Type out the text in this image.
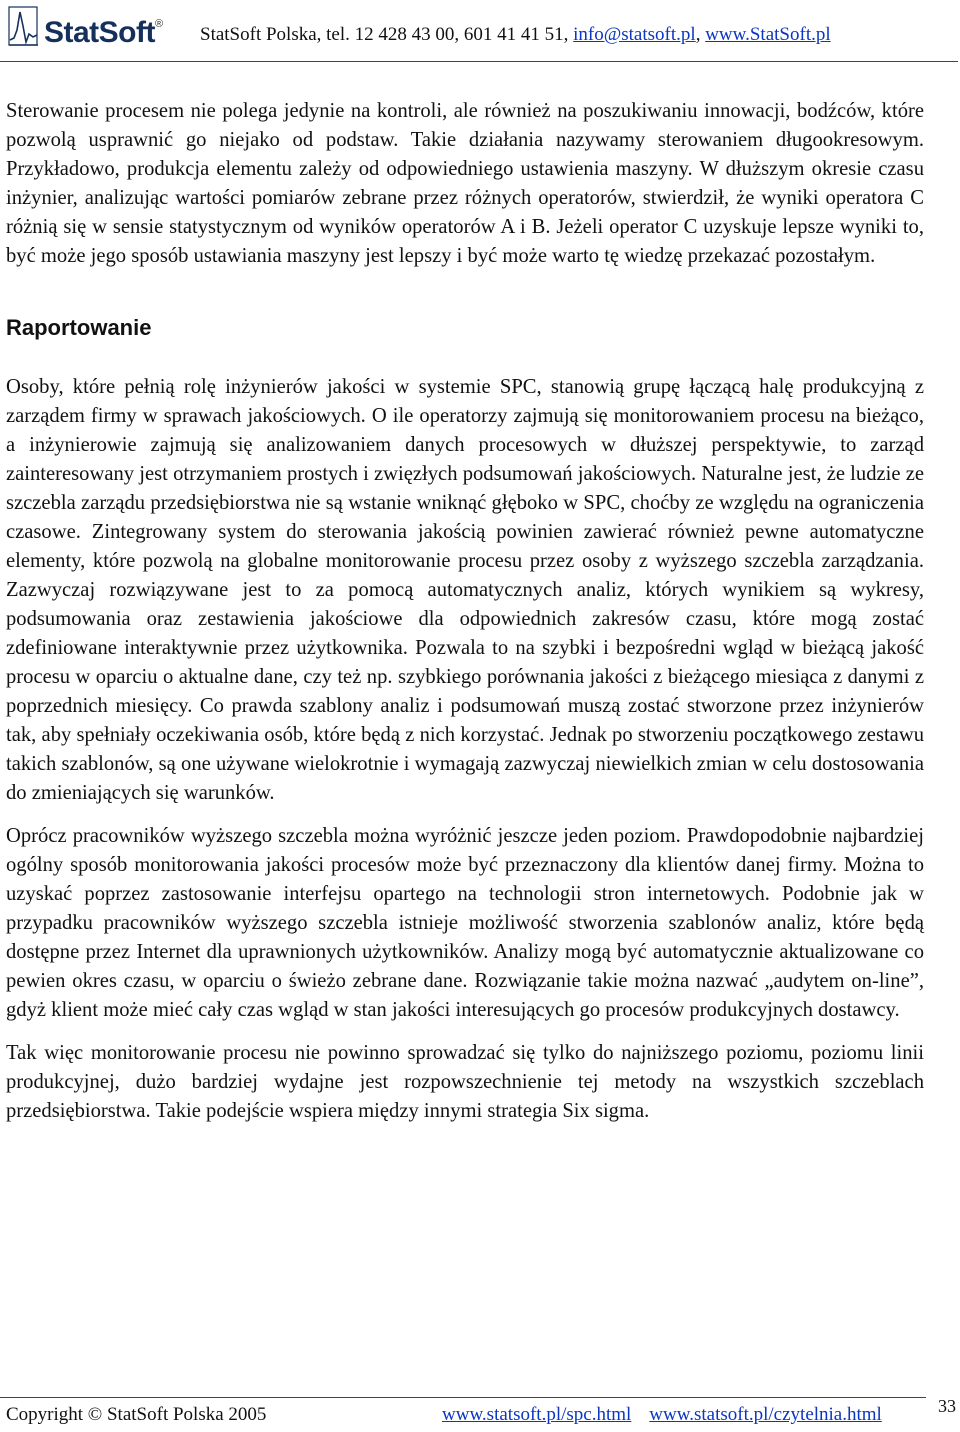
StatSoft® StatSoft Polska, tel. 12 428 43 00, 601 41 41 51, info@statsoft.pl, www.StatSoft.pl

Sterowanie procesem nie polega jedynie na kontroli, ale również na poszukiwaniu innowacji, bodźców, które pozwolą usprawnić go niejako od podstaw. Takie działania nazywamy sterowaniem długookresowym. Przykładowo, produkcja elementu zależy od odpowiedniego ustawienia maszyny. W dłuższym okresie czasu inżynier, analizując wartości pomiarów zebrane przez różnych operatorów, stwierdził, że wyniki operatora C różnią się w sensie statystycznym od wyników operatorów A i B. Jeżeli operator C uzyskuje lepsze wyniki to, być może jego sposób ustawiania maszyny jest lepszy i być może warto tę wiedzę przekazać pozostałym.

Raportowanie

Osoby, które pełnią rolę inżynierów jakości w systemie SPC, stanowią grupę łączącą halę produkcyjną z zarządem firmy w sprawach jakościowych. O ile operatorzy zajmują się monitorowaniem procesu na bieżąco, a inżynierowie zajmują się analizowaniem danych procesowych w dłuższej perspektywie, to zarząd zainteresowany jest otrzymaniem prostych i zwięzłych podsumowań jakościowych. Naturalne jest, że ludzie ze szczebla zarządu przedsiębiorstwa nie są wstanie wniknąć głęboko w SPC, choćby ze względu na ograniczenia czasowe. Zintegrowany system do sterowania jakością powinien zawierać również pewne automatyczne elementy, które pozwolą na globalne monitorowanie procesu przez osoby z wyższego szczebla zarządzania. Zazwyczaj rozwiązywane jest to za pomocą automatycznych analiz, których wynikiem są wykresy, podsumowania oraz zestawienia jakościowe dla odpowiednich zakresów czasu, które mogą zostać zdefiniowane interaktywnie przez użytkownika. Pozwala to na szybki i bezpośredni wgląd w bieżącą jakość procesu w oparciu o aktualne dane, czy też np. szybkiego porównania jakości z bieżącego miesiąca z danymi z poprzednich miesięcy. Co prawda szablony analiz i podsumowań muszą zostać stworzone przez inżynierów tak, aby spełniały oczekiwania osób, które będą z nich korzystać. Jednak po stworzeniu początkowego zestawu takich szablonów, są one używane wielokrotnie i wymagają zazwyczaj niewielkich zmian w celu dostosowania do zmieniających się warunków.

Oprócz pracowników wyższego szczebla można wyróżnić jeszcze jeden poziom. Prawdopodobnie najbardziej ogólny sposób monitorowania jakości procesów może być przeznaczony dla klientów danej firmy. Można to uzyskać poprzez zastosowanie interfejsu opartego na technologii stron internetowych. Podobnie jak w przypadku pracowników wyższego szczebla istnieje możliwość stworzenia szablonów analiz, które będą dostępne przez Internet dla uprawnionych użytkowników. Analizy mogą być automatycznie aktualizowane co pewien okres czasu, w oparciu o świeżo zebrane dane. Rozwiązanie takie można nazwać „audytem on-line”, gdyż klient może mieć cały czas wgląd w stan jakości interesujących go procesów produkcyjnych dostawcy.

Tak więc monitorowanie procesu nie powinno sprowadzać się tylko do najniższego poziomu, poziomu linii produkcyjnej, dużo bardziej wydajne jest rozpowszechnienie tej metody na wszystkich szczeblach przedsiębiorstwa. Takie podejście wspiera między innymi strategia Six sigma.

Copyright © StatSoft Polska 2005	www.statsoft.pl/spc.html www.statsoft.pl/czytelnia.html	33
